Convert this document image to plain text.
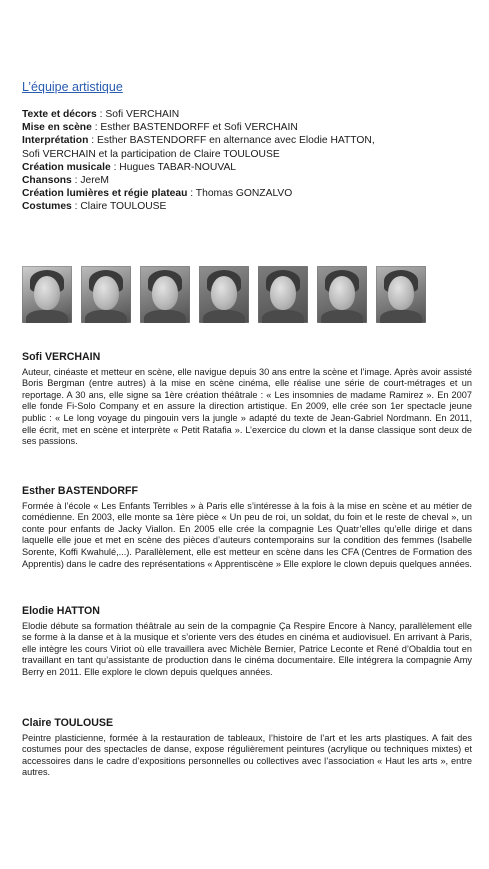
L’équipe artistique
Texte et décors : Sofi VERCHAIN
Mise en scène : Esther BASTENDORFF et Sofi VERCHAIN
Interprétation : Esther BASTENDORFF en alternance avec Elodie HATTON,
Sofi VERCHAIN et la participation de Claire TOULOUSE
Création musicale : Hugues TABAR-NOUVAL
Chansons : JereM
Création lumières et régie plateau : Thomas GONZALVO
Costumes : Claire TOULOUSE
Sofi VERCHAIN
Auteur, cinéaste et metteur en scène, elle navigue depuis 30 ans entre la scène et l’image. Après avoir assisté Boris Bergman (entre autres) à la mise en scène cinéma, elle réalise une série de court-métrages et un reportage. A 30 ans, elle signe sa 1ère création théâtrale : « Les insomnies de madame Ramirez ». En 2007 elle fonde Fi-Solo Company et en assure la direction artistique. En 2009, elle crée son 1er spectacle jeune public : « Le long voyage du pingouin vers la jungle » adapté du texte de Jean-Gabriel Nordmann. En 2011, elle écrit, met en scène et interprète « Petit Ratafia ». L’exercice du clown et la danse classique sont deux de ses passions.
Esther BASTENDORFF
Formée à l’école « Les Enfants Terribles » à Paris elle s’intéresse à la fois à la mise en scène et au métier de comédienne. En 2003, elle monte sa 1ère pièce « Un peu de roi, un soldat, du foin et le reste de cheval », un conte pour enfants de Jacky Viallon. En 2005 elle crée la compagnie Les Quatr’elles qu’elle dirige et dans laquelle elle joue et met en scène des pièces d’auteurs contemporains sur la condition des femmes (Isabelle Sorente, Koffi Kwahulé,...). Parallèlement, elle est metteur en scène dans les CFA (Centres de Formation des Apprentis) dans le cadre des représentations « Apprentiscène » Elle explore le clown depuis quelques années.
Elodie HATTON
Elodie débute sa formation théâtrale au sein de la compagnie Ça Respire Encore à Nancy, parallèlement elle se forme à la danse et à la musique et s’oriente vers des études en cinéma et audiovisuel. En arrivant à Paris, elle intègre les cours Viriot où elle travaillera avec Michèle Bernier, Patrice Leconte et René d’Obaldia tout en travaillant en tant qu’assistante de production dans le cinéma documentaire. Elle intégrera la compagnie Amy Berry en 2011. Elle explore le clown depuis quelques années.
Claire TOULOUSE
Peintre plasticienne, formée à la restauration de tableaux, l’histoire de l’art et les arts plastiques. A fait des costumes pour des spectacles de danse, expose régulièrement peintures (acrylique ou techniques mixtes) et accessoires dans le cadre d’expositions personnelles ou collectives avec l’association « Haut les arts », entre autres.
